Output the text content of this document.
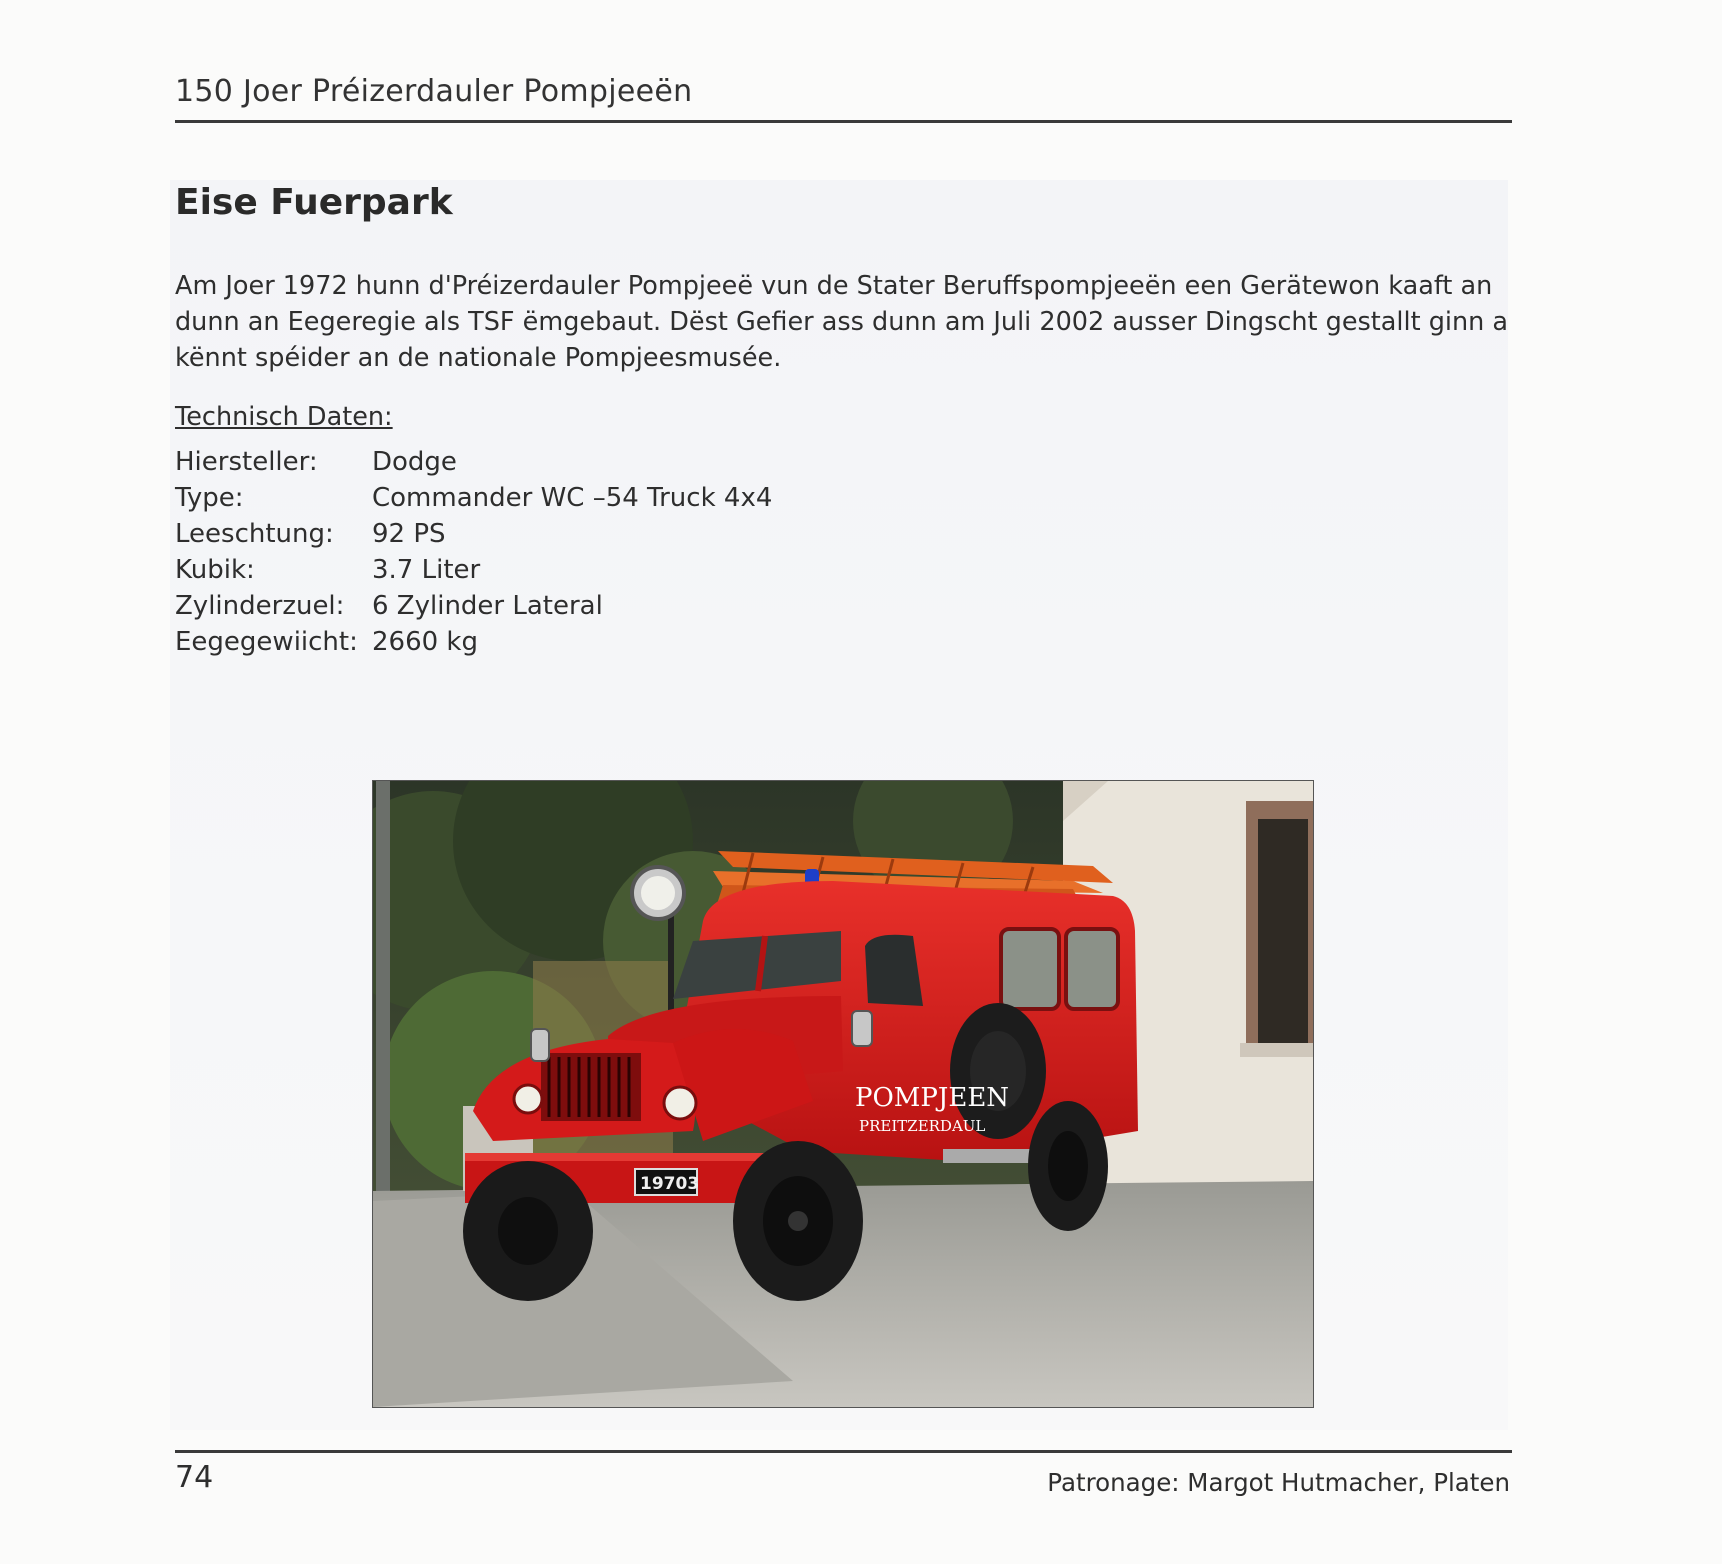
150 Joer Préizerdauler Pompjeeën
Eise Fuerpark
Am Joer 1972 hunn d'Préizerdauler Pompjeeë vun de Stater Beruffspompjeeën een Gerätewon kaaft an
dunn an Eegeregie als TSF ëmgebaut. Dëst Gefier ass dunn am Juli 2002 ausser Dingscht gestallt ginn a
kënnt spéider an de nationale Pompjeesmusée.
Technisch Daten:
Hiersteller:	Dodge
Type:	Commander WC –54 Truck 4x4
Leeschtung:	92 PS
Kubik:	3.7 Liter
Zylinderzuel:	6 Zylinder Lateral
Eegegewiicht: 2660 kg
POMPJEEN
PREITZERDAUL
19703
74	Patronage: Margot Hutmacher, Platen
